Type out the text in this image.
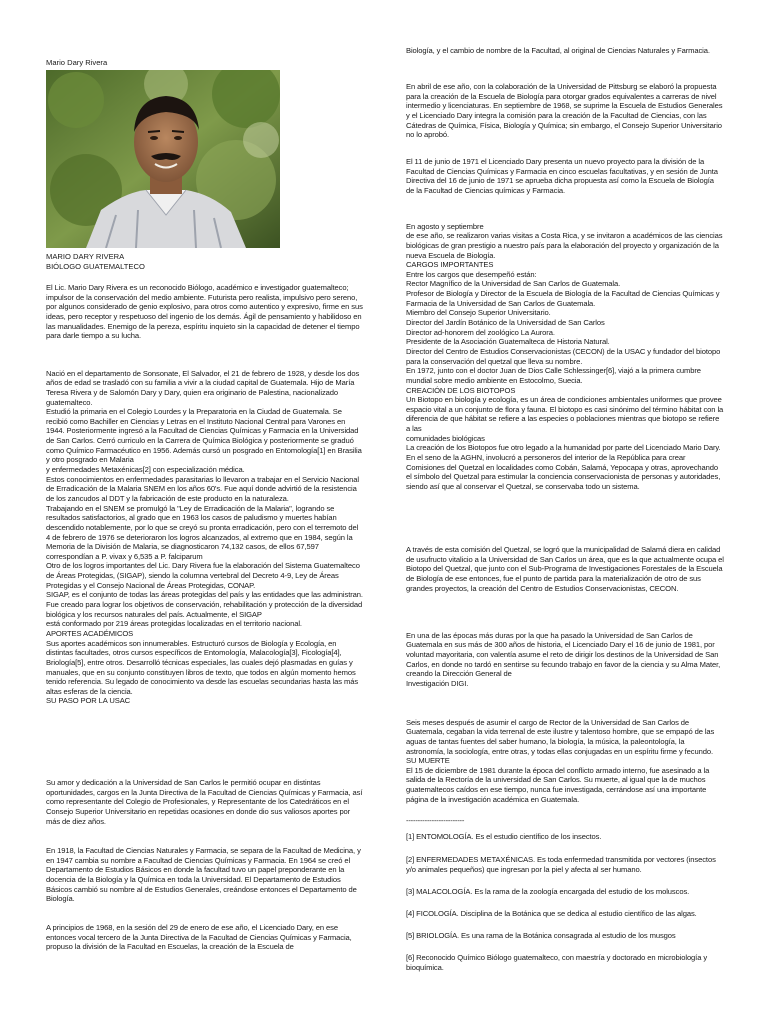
Mario Dary Rivera
MARIO DARY RIVERA
BIÓLOGO GUATEMALTECO

El Lic. Mario Dary Rivera es un reconocido Biólogo, académico e investigador guatemalteco; impulsor de la conservación del medio ambiente. Futurista pero realista, impulsivo pero sereno, por algunos considerado de genio explosivo, para otros como autentico y expresivo, firme en sus ideas, pero receptor y respetuoso del ingenio de los demás. Ágil de pensamiento y habilidoso en las manualidades. Enemigo de la pereza, espíritu inquieto sin la capacidad de detener el tiempo para darle tiempo a su lucha.

Nació en el departamento de Sonsonate, El Salvador, el 21 de febrero de 1928, y desde los dos años de edad se trasladó con su familia a vivir a la ciudad capital de Guatemala. Hijo de María Teresa Rivera y de Salomón Dary y Dary, quien era originario de Palestina, nacionalizado guatemalteco.
Estudió la primaria en el Colegio Lourdes y la Preparatoria en la Ciudad de Guatemala. Se recibió como Bachiller en Ciencias y Letras en el Instituto Nacional Central para Varones en 1944. Posteriormente ingresó a la Facultad de Ciencias Químicas y Farmacia en la Universidad de San Carlos. Cerró curriculo en la Carrera de Química Biológica y posteriormente se graduó como Químico Farmacéutico en 1956. Además cursó un posgrado en Entomología[1] en Brasilia y otro posgrado en Malaria
y enfermedades Metaxénicas[2] con especialización médica.
Estos conocimientos en enfermedades parasitarias lo llevaron a trabajar en el Servicio Nacional de Erradicación de la Malaria SNEM en los años 60's. Fue aquí donde advirtió de la resistencia de los zancudos al DDT y la fabricación de este producto en la naturaleza.
Trabajando en el SNEM se promulgó la "Ley de Erradicación de la Malaria", logrando se resultados satisfactorios, al grado que en 1963 los casos de paludismo y muertes habían descendido notablemente, por lo que se creyó su pronta erradicación, pero con el terremoto del 4 de febrero de 1976 se deterioraron los logros alcanzados, al extremo que en 1984, según la Memoria de la División de Malaria, se diagnosticaron 74,132 casos, de ellos 67,597 correspondían a P. vivax y 6,535 a P. falciparum
Otro de los logros importantes del Lic. Dary Rivera fue la elaboración del Sistema Guatemalteco de Áreas Protegidas, (SIGAP), siendo la columna vertebral del Decreto 4-9, Ley de Áreas Protegidas y el Consejo Nacional de Áreas Protegidas, CONAP.
SIGAP, es el conjunto de todas las áreas protegidas del país y las entidades que las administran. Fue creado para lograr los objetivos de conservación, rehabilitación y protección de la diversidad biológica y los recursos naturales del país. Actualmente, el SIGAP
está conformado por 219 áreas protegidas localizadas en el territorio nacional.
APORTES ACADÉMICOS
Sus aportes académicos son innumerables. Estructuró cursos de Biología y Ecología, en distintas facultades, otros cursos específicos de Entomología, Malacología[3], Ficología[4], Briología[5], entre otros. Desarrolló técnicas especiales, las cuales dejó plasmadas en guías y manuales, que en su conjunto constituyen libros de texto, que todos en algún momento hemos tenido referencia. Su legado de conocimiento va desde las escuelas secundarias hasta las más altas esferas de la ciencia.
SU PASO POR LA USAC

Su amor y dedicación a la Universidad de San Carlos le permitió ocupar en distintas oportunidades, cargos en la Junta Directiva de la Facultad de Ciencias Químicas y Farmacia, así como representante del Colegio de Profesionales, y Representante de los Catedráticos en el Consejo Superior Universitario en repetidas ocasiones en donde dio sus valiosos aportes por más de diez años.

En 1918, la Facultad de Ciencias Naturales y Farmacia, se separa de la Facultad de Medicina, y en 1947 cambia su nombre a Facultad de Ciencias Químicas y Farmacia. En 1964 se creó el Departamento de Estudios Básicos en donde la facultad tuvo un papel preponderante en la docencia de la Biología y la Química en toda la Universidad. El Departamento de Estudios Básicos cambió su nombre al de Estudios Generales, creándose entonces el Departamento de Biología.

A principios de 1968, en la sesión del 29 de enero de ese año, el Licenciado Dary, en ese entonces vocal tercero de la Junta Directiva de la Facultad de Ciencias Químicas y Farmacia, propuso la división de la Facultad en Escuelas, la creación de la Escuela de

Biología, y el cambio de nombre de la Facultad, al original de Ciencias Naturales y Farmacia.

En abril de ese año, con la colaboración de la Universidad de Pittsburg se elaboró la propuesta para la creación de la Escuela de Biología para otorgar grados equivalentes a carreras de nivel intermedio y licenciaturas. En septiembre de 1968, se suprime la Escuela de Estudios Generales y el Licenciado Dary integra la comisión para la creación de la Facultad de Ciencias, con las Cátedras de Química, Física, Biología y Química; sin embargo, el Consejo Superior Universitario no lo aprobó.

El 11 de junio de 1971 el Licenciado Dary presenta un nuevo proyecto para la división de la Facultad de Ciencias Químicas y Farmacia en cinco escuelas facultativas, y en sesión de Junta Directiva del 16 de junio de 1971 se aprueba dicha propuesta así como la Escuela de Biología de la Facultad de Ciencias químicas y Farmacia.

En agosto y septiembre
de ese año, se realizaron varias visitas a Costa Rica, y se invitaron a académicos de las ciencias biológicas de gran prestigio a nuestro país para la elaboración del proyecto y organización de la nueva Escuela de Biología.
CARGOS IMPORTANTES
Entre los cargos que desempeñó están:
Rector Magnífico de la Universidad de San Carlos de Guatemala.
Profesor de Biología y Director de la Escuela de Biología de la Facultad de Ciencias Químicas y Farmacia de la Universidad de San Carlos de Guatemala.
Miembro del Consejo Superior Universitario.
Director del Jardín Botánico de la Universidad de San Carlos
Director ad-honorem del zoológico La Aurora.
Presidente de la Asociación Guatemalteca de Historia Natural.
Director del Centro de Estudios Conservacionistas (CECON) de la USAC y fundador del biotopo para la conservación del quetzal que lleva su nombre.
En 1972, junto con el doctor Juan de Dios Calle Schlessinger[6], viajó a la primera cumbre mundial sobre medio ambiente en Estocolmo, Suecia.
CREACIÓN DE LOS BIOTOPOS
Un Biotopo en biología y ecología, es un área de condiciones ambientales uniformes que provee espacio vital a un conjunto de flora y fauna. El biotopo es casi sinónimo del término hábitat con la diferencia de que hábitat se refiere a las especies o poblaciones mientras que biotopo se refiere a las
comunidades biológicas
La creación de los Biotopos fue otro legado a la humanidad por parte del Licenciado Mario Dary. En el seno de la AGHN, involucró a personeros del interior de la República para crear Comisiones del Quetzal en localidades como Cobán, Salamá, Yepocapa y otras, aprovechando el símbolo del Quetzal para estimular la conciencia conservacionista de personas y autoridades, siendo así que al conservar el Quetzal, se conservaba todo un sistema.

A través de esta comisión del Quetzal, se logró que la municipalidad de Salamá diera en calidad de usufructo vitalicio a la Universidad de San Carlos un área, que es la que actualmente ocupa el Biotopo del Quetzal, que junto con el Sub-Programa de Investigaciones Forestales de la Escuela de Biología de ese entonces, fue el punto de partida para la materialización de otro de sus grandes proyectos, la creación del Centro de Estudios Conservacionistas, CECON.

En una de las épocas más duras por la que ha pasado la Universidad de San Carlos de Guatemala en sus más de 300 años de historia, el Licenciado Dary el 16 de junio de 1981, por voluntad mayoritaria, con valentía asume el reto de dirigir los destinos de la Universidad de San Carlos, en donde no tardó en sentirse su fecundo trabajo en favor de la ciencia y su Alma Mater, creando la Dirección General de
Investigación DIGI.

Seis meses después de asumir el cargo de Rector de la Universidad de San Carlos de Guatemala, cegaban la vida terrenal de este ilustre y talentoso hombre, que se empapó de las aguas de tantas fuentes del saber humano, la biología, la música, la paleontología, la astronomía, la sociología, entre otras, y todas ellas conjugadas en un espíritu firme y fecundo.
SU MUERTE
El 15 de diciembre de 1981 durante la época del conflicto armado interno, fue asesinado a la salida de la Rectoría de la universidad de San Carlos. Su muerte, al igual que la de muchos guatemaltecos caídos en ese tiempo, nunca fue investigada, cerrándose así una importante página de la investigación académica en Guatemala.

-------------------------

[1] ENTOMOLOGÍA. Es el estudio científico de los insectos.

[2] ENFERMEDADES METAXÉNICAS. Es toda enfermedad transmitida por vectores (insectos y/o animales pequeños) que ingresan por la piel y afecta al ser humano.

[3] MALACOLOGÍA. Es la rama de la zoología encargada del estudio de los moluscos.

[4] FICOLOGÍA. Disciplina de la Botánica que se dedica al estudio científico de las algas.

[5] BRIOLOGÍA. Es una rama de la Botánica consagrada al estudio de los musgos

[6] Reconocido Químico Biólogo guatemalteco, con maestría y doctorado en microbiología y bioquímica.
